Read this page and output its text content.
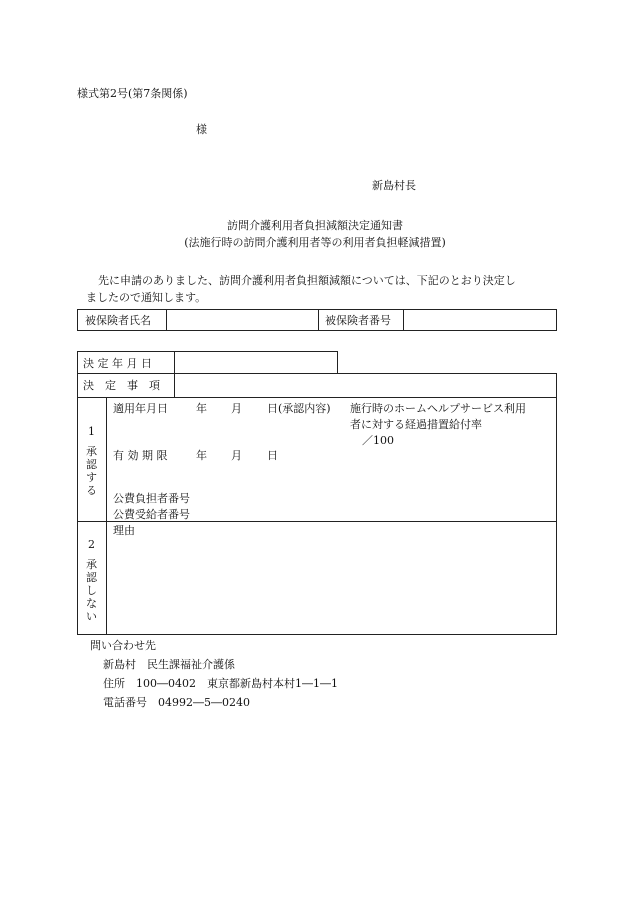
様式第2号(第7条関係)
様
新島村長
訪問介護利用者負担減額決定通知書
(法施行時の訪問介護利用者等の利用者負担軽減措置)
先に申請のありました、訪問介護利用者負担額減額については、下記のとおり決定し
ましたので通知します。
被保険者氏名	被保険者番号
決 定 年 月 日
決　定　事　項
1
承
認
す
る
適用年月日	年 月 日(承認内容) 施行時のホームヘルプサービス利用
者に対する経過措置給付率
／100
有 効 期 限	年 月 日
公費負担者番号
公費受給者番号
2
承
認
し
な
い
理由
問い合わせ先
新島村　民生課福祉介護係
住所　100―0402　東京都新島村本村1―1―1
電話番号　04992―5―0240
